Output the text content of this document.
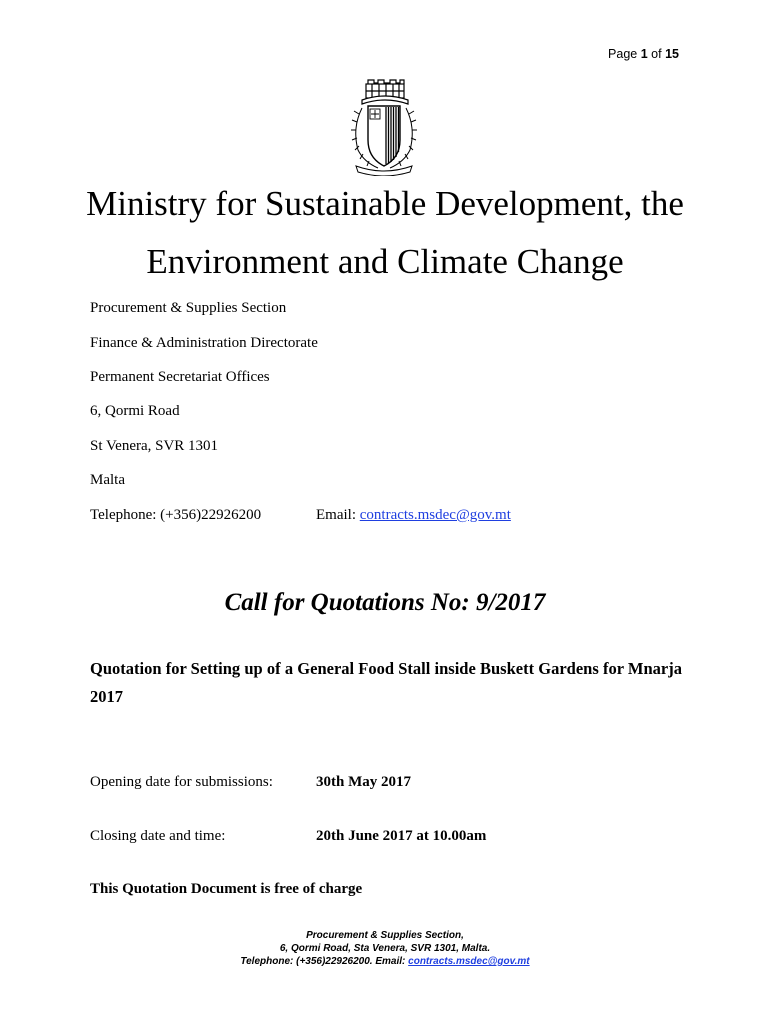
Page 1 of 15
Ministry for Sustainable Development, the
Environment and Climate Change
Procurement & Supplies Section
Finance & Administration Directorate
Permanent Secretariat Offices
6, Qormi Road
St Venera, SVR 1301
Malta
Telephone: (+356)22926200	Email: contracts.msdec@gov.mt
Call for Quotations No: 9/2017
Quotation for Setting up of a General Food Stall inside Buskett Gardens for Mnarja 2017
Opening date for submissions:	30th May 2017
Closing date and time:	20th June 2017 at 10.00am
This Quotation Document is free of charge
Procurement & Supplies Section,
6, Qormi Road, Sta Venera, SVR 1301, Malta.
Telephone: (+356)22926200. Email: contracts.msdec@gov.mt
